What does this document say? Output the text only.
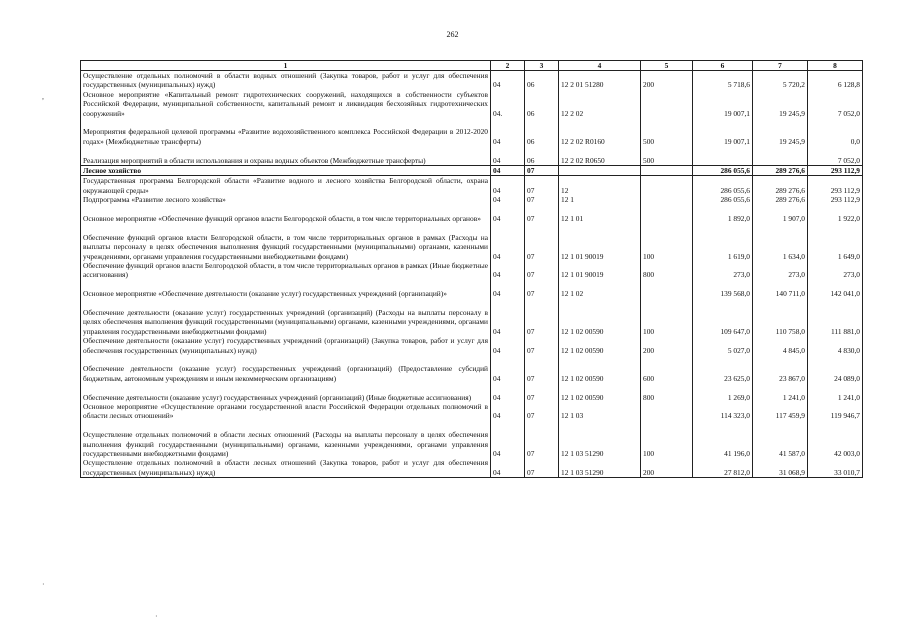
262
,
·
·
1	2	3	4	5	6	7	8
Осуществление отдельных полномочий в области водных отношений (Закупка товаров, работ и услуг для обеспечения государственных (муниципальных) нужд)	04	06	12 2 01 51280	200	5 718,6	5 720,2	6 128,8
Основное мероприятие «Капитальный ремонт гидротехнических сооружений, находящихся в собственности субъектов Российской Федерации, муниципальной собственности, капитальный ремонт и ликвидация бесхозяйных гидротехнических сооружений»	04.	06	12 2 02		19 007,1	19 245,9	7 052,0
Мероприятия федеральной целевой программы «Развитие водохозяйственного комплекса Российской Федерации в 2012-2020 годах» (Межбюджетные трансферты)	04	06	12 2 02 R0160	500	19 007,1	19 245,9	0,0
Реализация мероприятий в области использования и охраны водных объектов (Межбюджетные трансферты)	04	06	12 2 02 R0650	500			7 052,0
Лесное хозяйство	04	07			286 055,6	289 276,6	293 112,9
Государственная программа Белгородской области «Развитие водного и лесного хозяйства Белгородской области, охрана окружающей среды»	04	07	12		286 055,6	289 276,6	293 112,9
Подпрограмма «Развитие лесного хозяйства»	04	07	12 1		286 055,6	289 276,6	293 112,9
Основное мероприятие «Обеспечение функций органов власти Белгородской области, в том числе территориальных органов»	04	07	12 1 01		1 892,0	1 907,0	1 922,0
Обеспечение функций органов власти Белгородской области, в том числе территориальных органов в рамках (Расходы на выплаты персоналу в целях обеспечения выполнения функций государственными (муниципальными) органами, казенными учреждениями, органами управления государственными внебюджетными фондами)	04	07	12 1 01 90019	100	1 619,0	1 634,0	1 649,0
Обеспечение функций органов власти Белгородской области, в том числе территориальных органов в рамках (Иные бюджетные ассигнования)	04	07	12 1 01 90019	800	273,0	273,0	273,0
Основное мероприятие «Обеспечение деятельности (оказание услуг) государственных учреждений (организаций)»	04	07	12 1 02		139 568,0	140 711,0	142 041,0
Обеспечение деятельности (оказание услуг) государственных учреждений (организаций) (Расходы на выплаты персоналу в целях обеспечения выполнения функций государственными (муниципальными) органами, казенными учреждениями, органами управления государственными внебюджетными фондами)	04	07	12 1 02 00590	100	109 647,0	110 758,0	111 881,0
Обеспечение деятельности (оказание услуг) государственных учреждений (организаций) (Закупка товаров, работ и услуг для обеспечения государственных (муниципальных) нужд)	04	07	12 1 02 00590	200	5 027,0	4 845,0	4 830,0
Обеспечение деятельности (оказание услуг) государственных учреждений (организаций) (Предоставление субсидий бюджетным, автономным учреждениям и иным некоммерческим организациям)	04	07	12 1 02 00590	600	23 625,0	23 867,0	24 089,0
Обеспечение деятельности (оказание услуг) государственных учреждений (организаций) (Иные бюджетные ассигнования)	04	07	12 1 02 00590	800	1 269,0	1 241,0	1 241,0
Основное мероприятие «Осуществление органами государственной власти Российской Федерации отдельных полномочий в области лесных отношений»	04	07	12 1 03		114 323,0	117 459,9	119 946,7
Осуществление отдельных полномочий в области лесных отношений (Расходы на выплаты персоналу в целях обеспечения выполнения функций государственными (муниципальными) органами, казенными учреждениями, органами управления государственными внебюджетными фондами)	04	07	12 1 03 51290	100	41 196,0	41 587,0	42 003,0
Осуществление отдельных полномочий в области лесных отношений (Закупка товаров, работ и услуг для обеспечения государственных (муниципальных) нужд)	04	07	12 1 03 51290	200	27 812,0	31 068,9	33 010,7
